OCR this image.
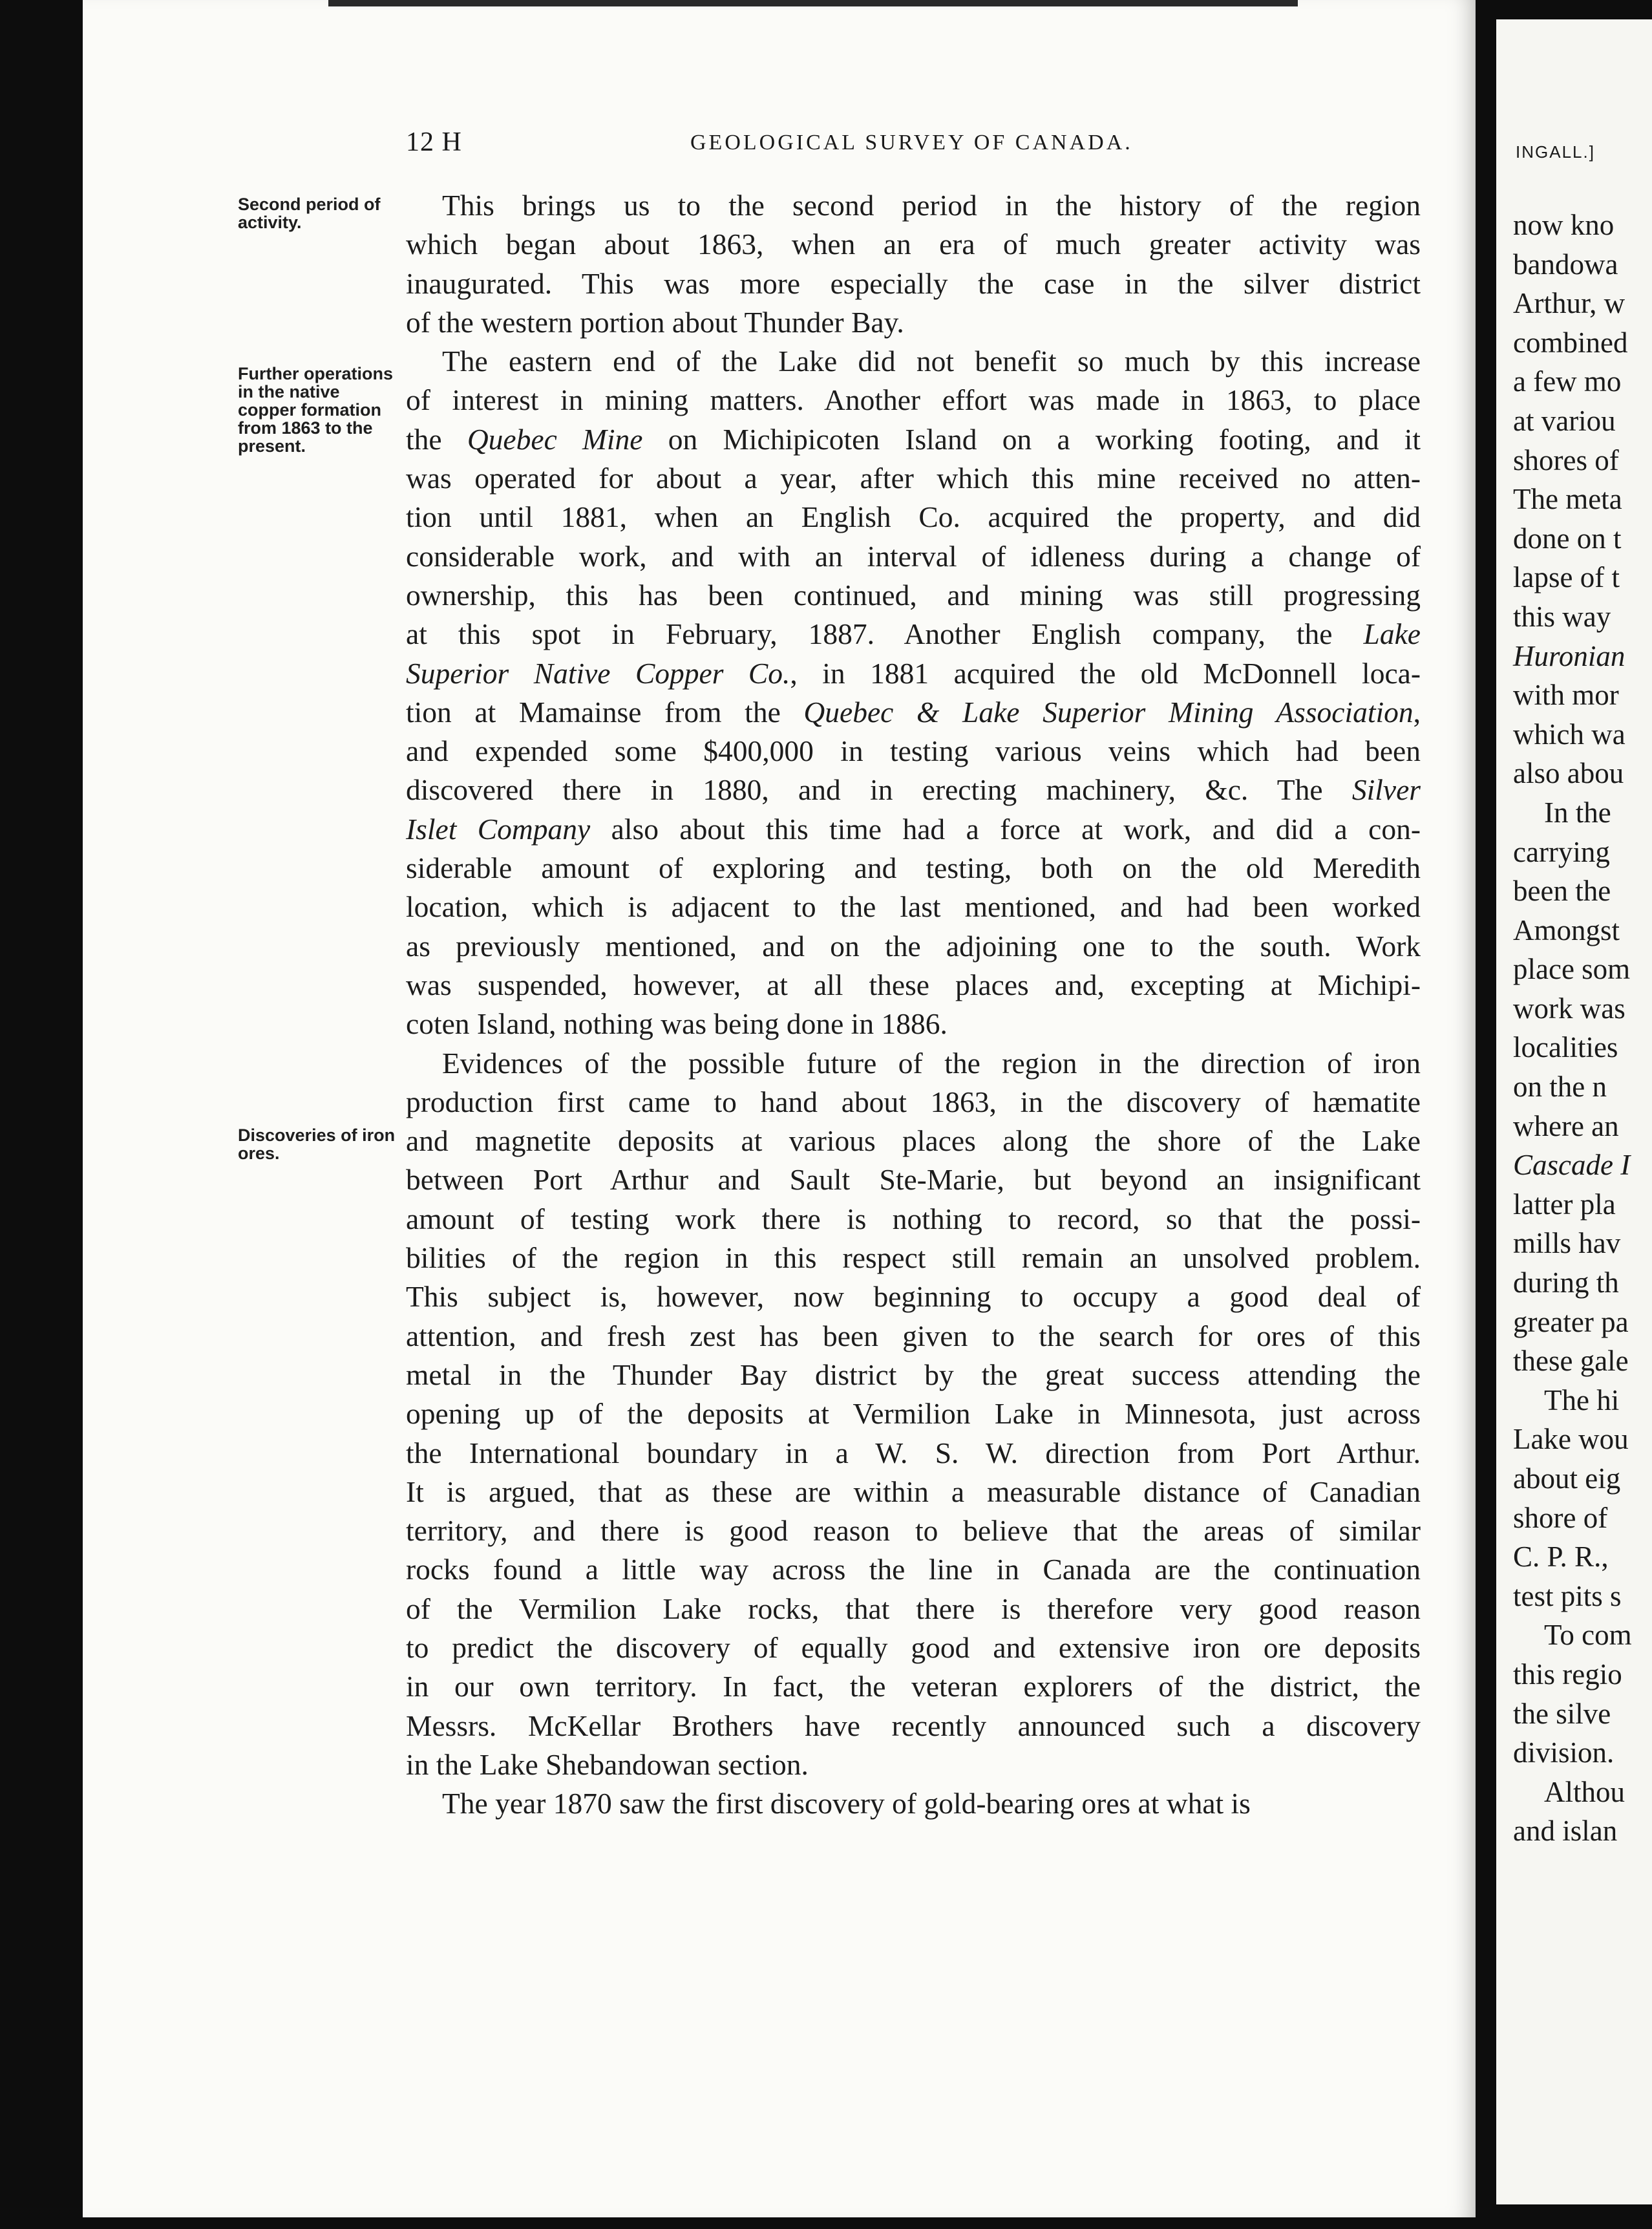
INGALL.]
now kno
bandowa
Arthur, w
combined
a few mo
at variou
shores of
The meta
done on t
lapse of t
this way
Huronian
with mor
which wa
also abou
In the
carrying
been the
Amongst
place som
work was
localities
on the n
where an
Cascade I
latter pla
mills hav
during th
greater pa
these gale
The hi
Lake wou
about eig
shore of
C. P. R.,
test pits s
To com
this regio
the silve
division.
Althou
and islan
12 H	GEOLOGICAL SURVEY OF CANADA.
Second period of activity.
Further operations in the native copper formation from 1863 to the present.
Discoveries of iron ores.

This brings us to the second period in the history of the region
which began about 1863, when an era of much greater activity was
inaugurated. This was more especially the case in the silver district
of the western portion about Thunder Bay.

The eastern end of the Lake did not benefit so much by this increase
of interest in mining matters. Another effort was made in 1863, to place
the Quebec Mine on Michipicoten Island on a working footing, and it
was operated for about a year, after which this mine received no atten-
tion until 1881, when an English Co. acquired the property, and did
considerable work, and with an interval of idleness during a change of
ownership, this has been continued, and mining was still progressing
at this spot in February, 1887. Another English company, the Lake
Superior Native Copper Co., in 1881 acquired the old McDonnell loca-
tion at Mamainse from the Quebec & Lake Superior Mining Association,
and expended some $400,000 in testing various veins which had been
discovered there in 1880, and in erecting machinery, &c. The Silver
Islet Company also about this time had a force at work, and did a con-
siderable amount of exploring and testing, both on the old Meredith
location, which is adjacent to the last mentioned, and had been worked
as previously mentioned, and on the adjoining one to the south. Work
was suspended, however, at all these places and, excepting at Michipi-
coten Island, nothing was being done in 1886.

Evidences of the possible future of the region in the direction of iron
production first came to hand about 1863, in the discovery of hæmatite
and magnetite deposits at various places along the shore of the Lake
between Port Arthur and Sault Ste-Marie, but beyond an insignificant
amount of testing work there is nothing to record, so that the possi-
bilities of the region in this respect still remain an unsolved problem.
This subject is, however, now beginning to occupy a good deal of
attention, and fresh zest has been given to the search for ores of this
metal in the Thunder Bay district by the great success attending the
opening up of the deposits at Vermilion Lake in Minnesota, just across
the International boundary in a W. S. W. direction from Port Arthur.
It is argued, that as these are within a measurable distance of Canadian
territory, and there is good reason to believe that the areas of similar
rocks found a little way across the line in Canada are the continuation
of the Vermilion Lake rocks, that there is therefore very good reason
to predict the discovery of equally good and extensive iron ore deposits
in our own territory. In fact, the veteran explorers of the district, the
Messrs. McKellar Brothers have recently announced such a discovery
in the Lake Shebandowan section.

The year 1870 saw the first discovery of gold-bearing ores at what is
